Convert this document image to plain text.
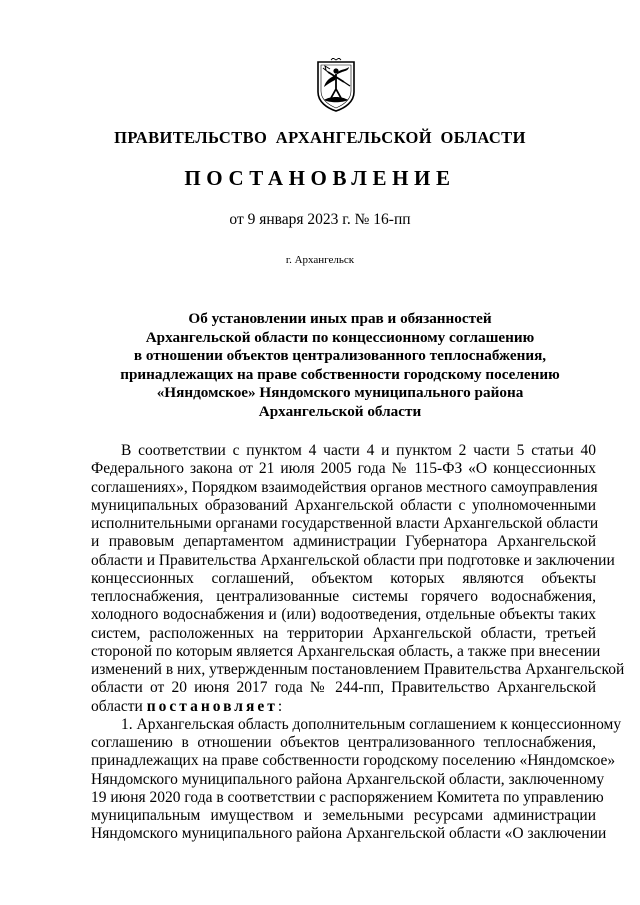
ПРАВИТЕЛЬСТВО АРХАНГЕЛЬСКОЙ ОБЛАСТИ
ПОСТАНОВЛЕНИЕ
от 9 января 2023 г. № 16-пп
г. Архангельск
Об установлении иных прав и обязанностей
Архангельской области по концессионному соглашению
в отношении объектов централизованного теплоснабжения,
принадлежащих на праве собственности городскому поселению
«Няндомское» Няндомского муниципального района
Архангельской области
В соответствии с пунктом 4 части 4 и пунктом 2 части 5 статьи 40
Федерального закона от 21 июля 2005 года № 115-ФЗ «О концессионных
соглашениях», Порядком взаимодействия органов местного самоуправления
муниципальных образований Архангельской области с уполномоченными
исполнительными органами государственной власти Архангельской области
и правовым департаментом администрации Губернатора Архангельской
области и Правительства Архангельской области при подготовке и заключении
концессионных соглашений, объектом которых являются объекты
теплоснабжения, централизованные системы горячего водоснабжения,
холодного водоснабжения и (или) водоотведения, отдельные объекты таких
систем, расположенных на территории Архангельской области, третьей
стороной по которым является Архангельская область, а также при внесении
изменений в них, утвержденным постановлением Правительства Архангельской
области от 20 июня 2017 года № 244-пп, Правительство Архангельской
области постановляет:
1. Архангельская область дополнительным соглашением к концессионному
соглашению в отношении объектов централизованного теплоснабжения,
принадлежащих на праве собственности городскому поселению «Няндомское»
Няндомского муниципального района Архангельской области, заключенному
19 июня 2020 года в соответствии с распоряжением Комитета по управлению
муниципальным имуществом и земельными ресурсами администрации
Няндомского муниципального района Архангельской области «О заключении
